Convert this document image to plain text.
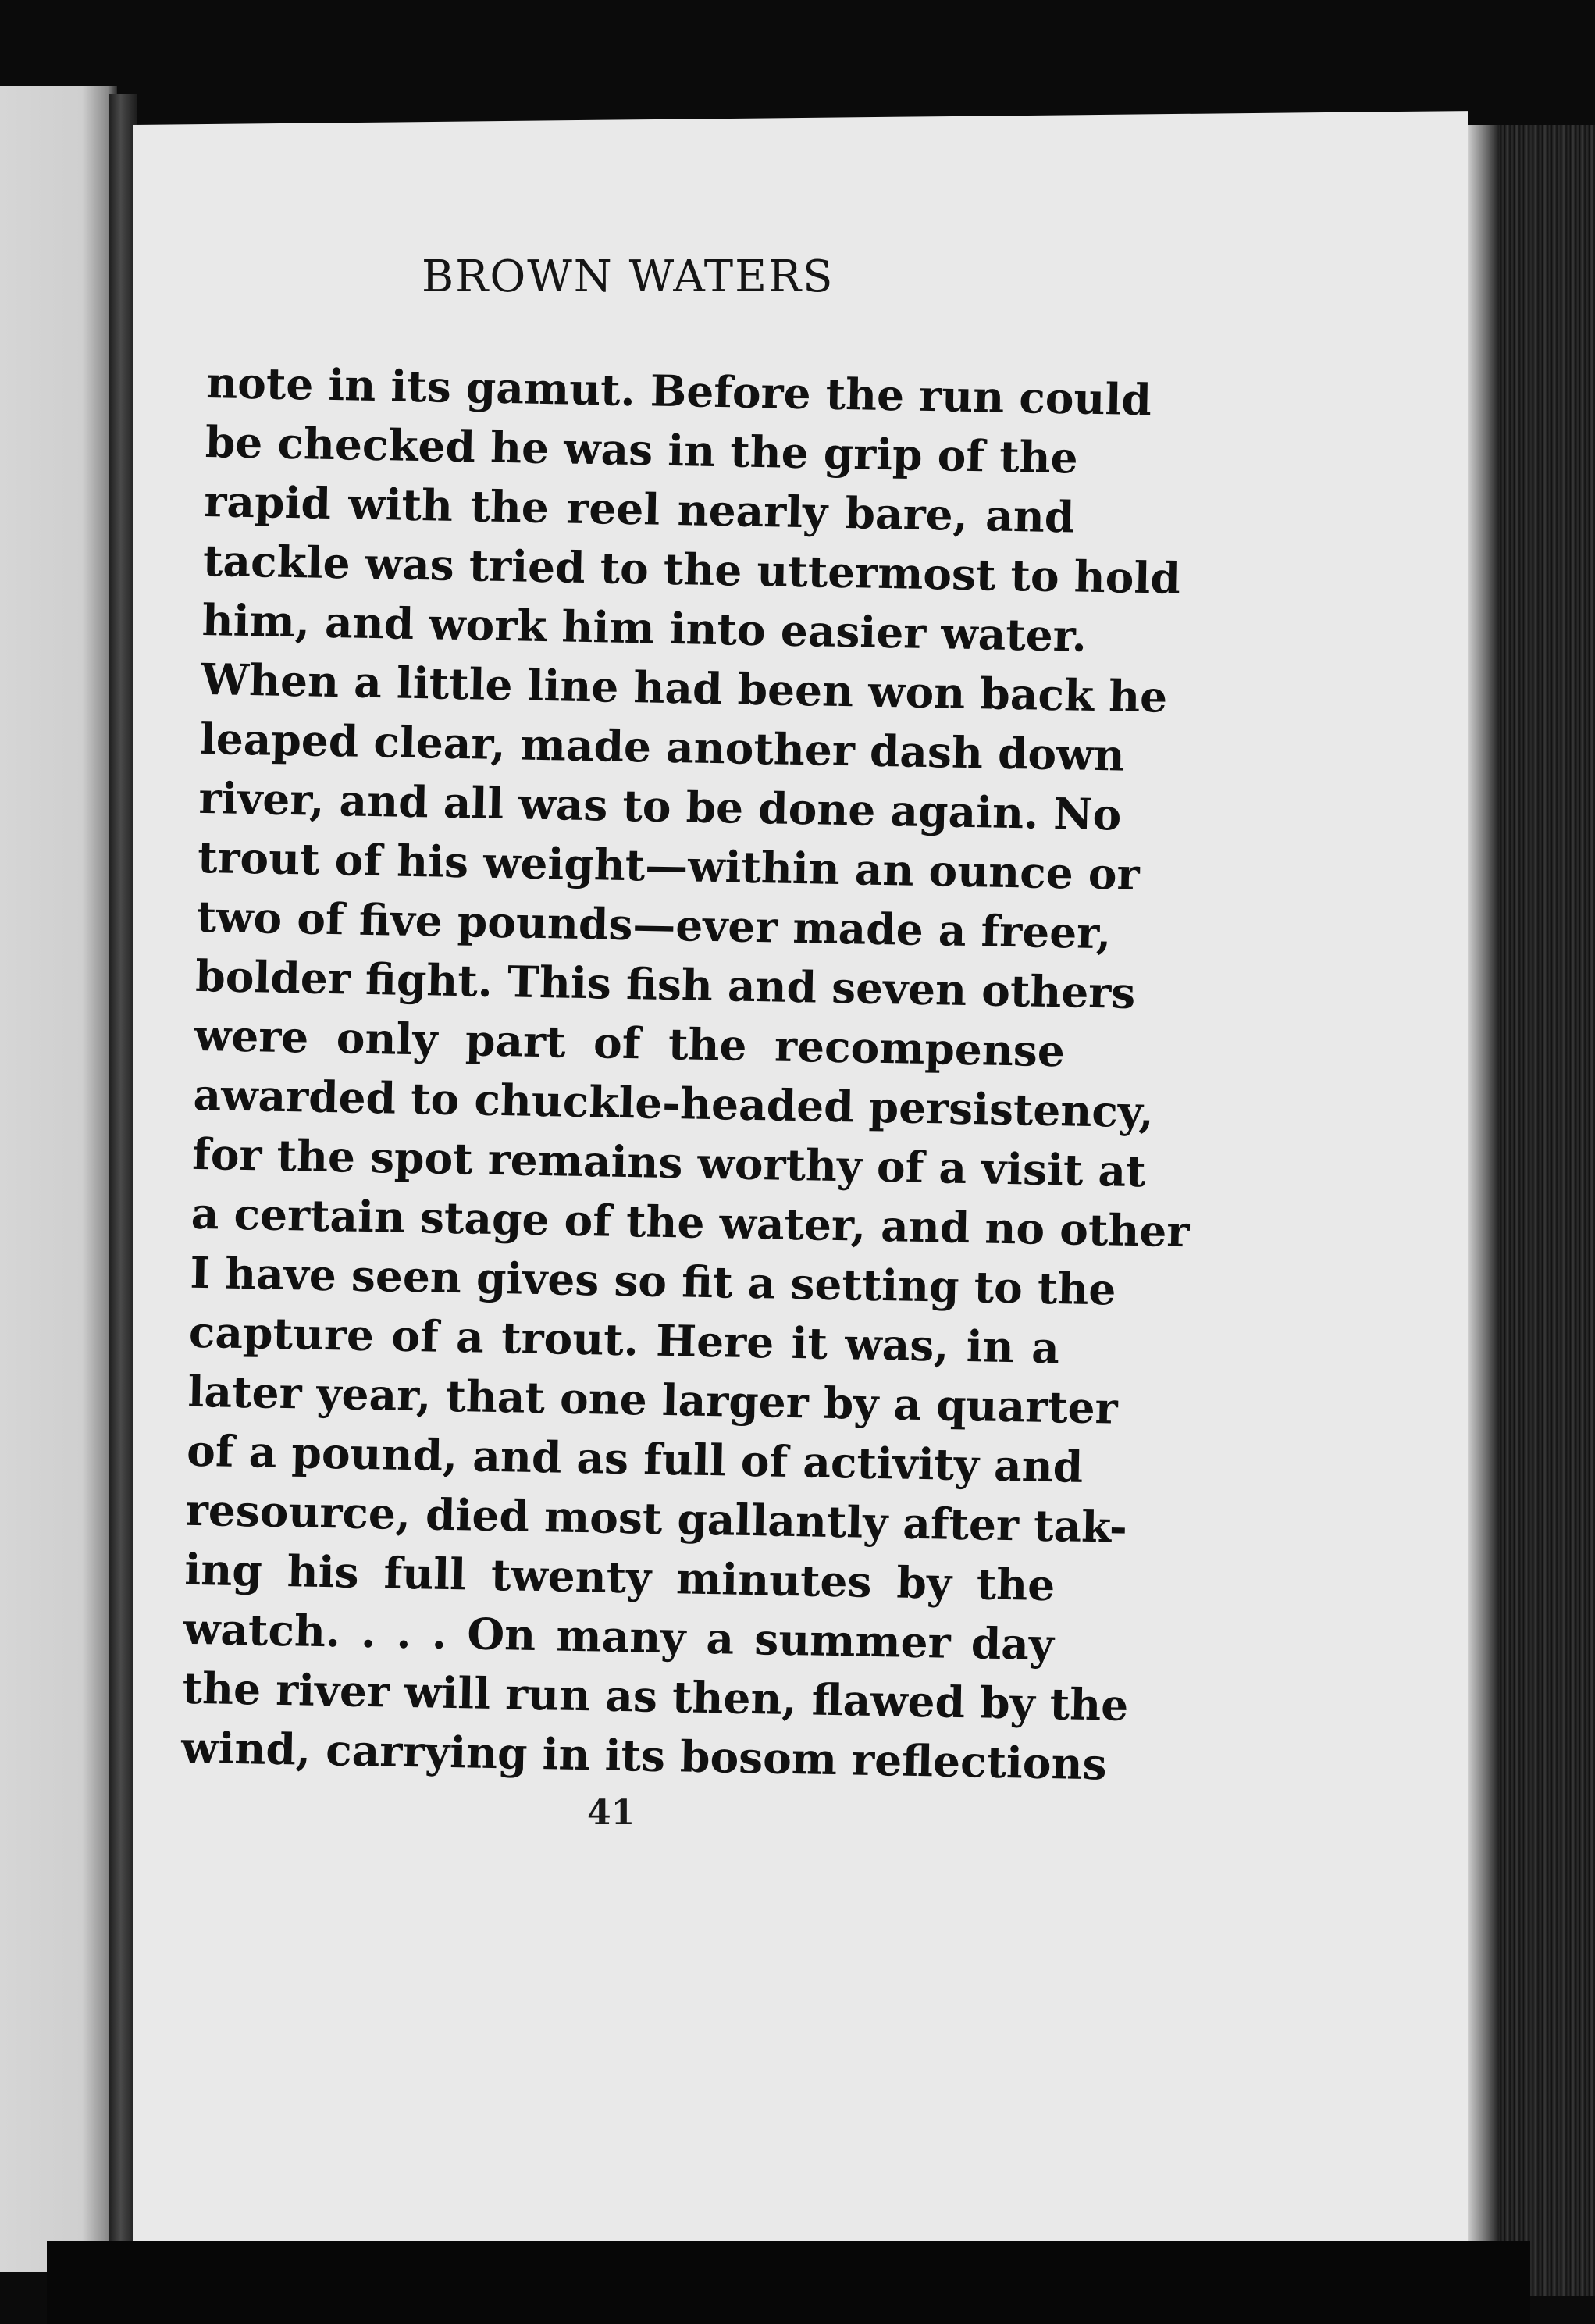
BROWN WATERS
note in its gamut. Before the run could
be checked he was in the grip of the
rapid with the reel nearly bare, and
tackle was tried to the uttermost to hold
him, and work him into easier water.
When a little line had been won back he
leaped clear, made another dash down
river, and all was to be done again. No
trout of his weight—within an ounce or
two of five pounds—ever made a freer,
bolder fight. This fish and seven others
were only part of the recompense
awarded to chuckle-headed persistency,
for the spot remains worthy of a visit at
a certain stage of the water, and no other
I have seen gives so fit a setting to the
capture of a trout. Here it was, in a
later year, that one larger by a quarter
of a pound, and as full of activity and
resource, died most gallantly after tak-
ing his full twenty minutes by the
watch. . . . On many a summer day
the river will run as then, flawed by the
wind, carrying in its bosom reflections
41
